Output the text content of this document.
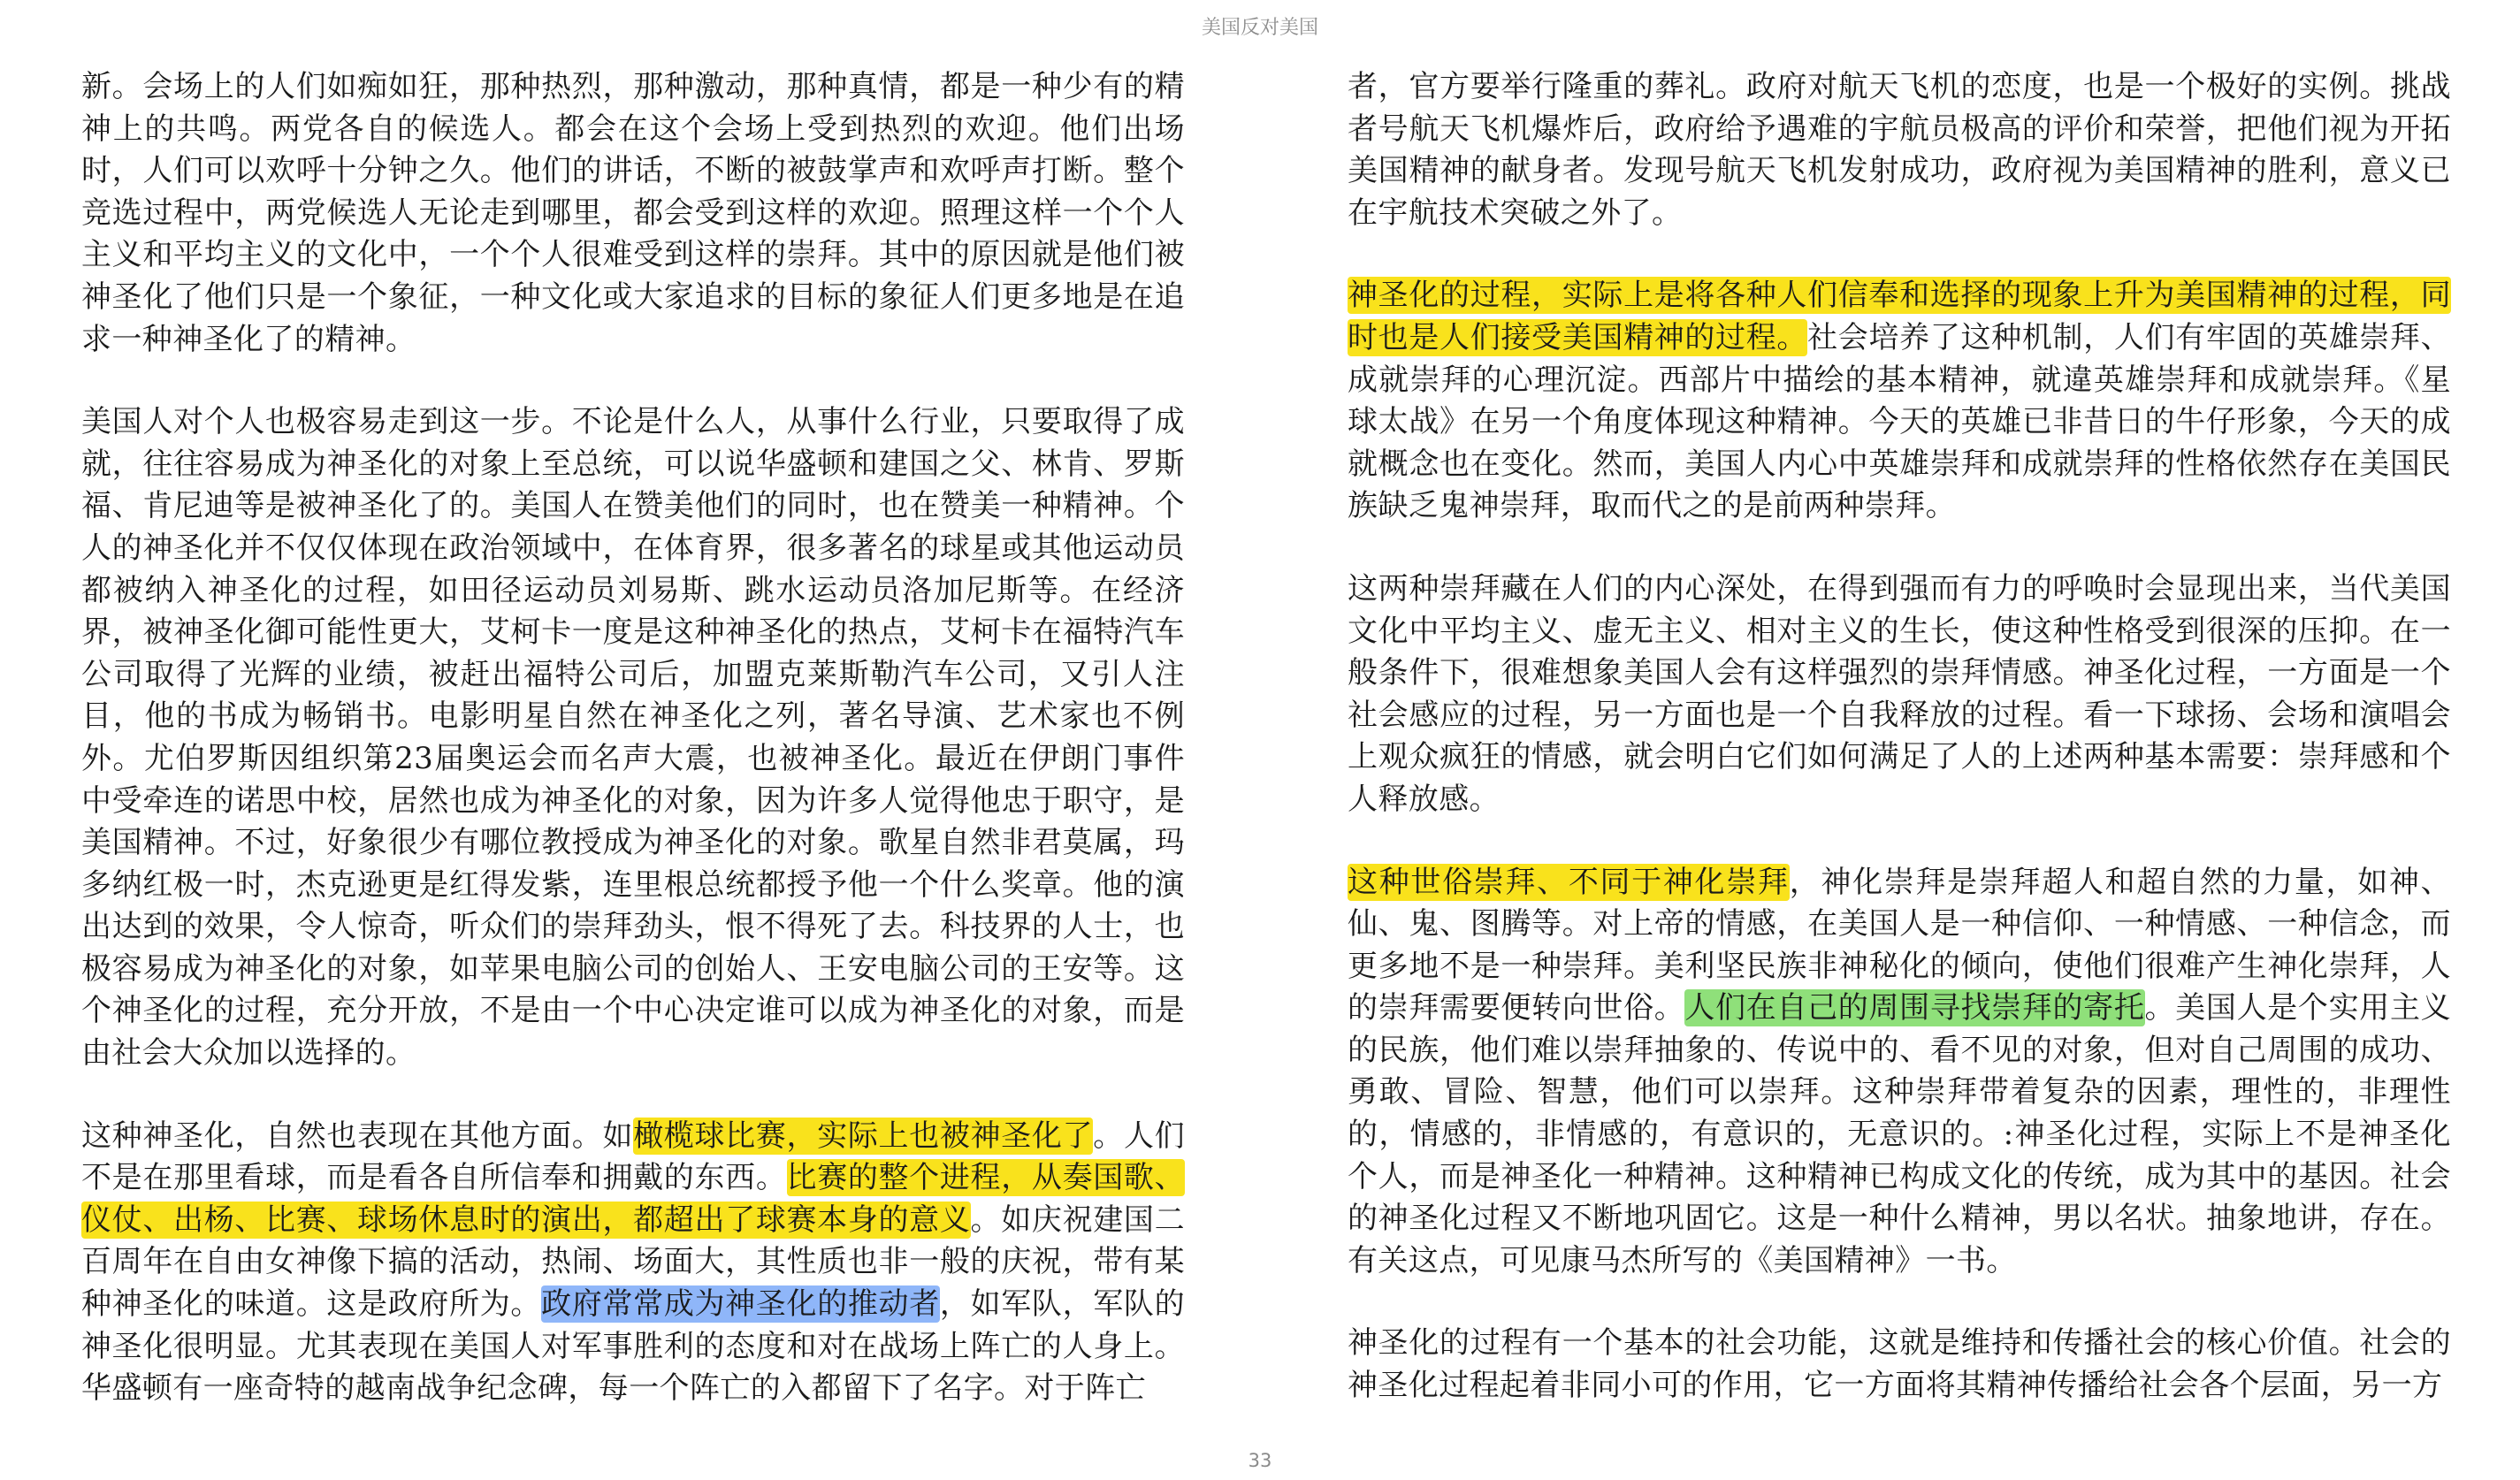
美国反对美国

新。会场上的人们如痴如狂，那种热烈，那种激动，那种真情，都是一种少有的精神上的共鸣。两党各自的候选人。都会在这个会场上受到热烈的欢迎。他们出场时，人们可以欢呼十分钟之久。他们的讲话，不断的被鼓掌声和欢呼声打断。整个竞选过程中，两党候选人无论走到哪里，都会受到这样的欢迎。照理这样一个个人主义和平均主义的文化中，一个个人很难受到这样的崇拜。其中的原因就是他们被神圣化了他们只是一个象征，一种文化或大家追求的目标的象征人们更多地是在追求一种神圣化了的精神。

美国人对个人也极容易走到这一步。不论是什么人，从事什么行业，只要取得了成就，往往容易成为神圣化的对象上至总统，可以说华盛顿和建国之父、林肯、罗斯福、肯尼迪等是被神圣化了的。美国人在赞美他们的同时，也在赞美一种精神。个人的神圣化并不仅仅体现在政治领域中，在体育界，很多著名的球星或其他运动员都被纳入神圣化的过程，如田径运动员刘易斯、跳水运动员洛加尼斯等。在经济界，被神圣化御可能性更大，艾柯卡一度是这种神圣化的热点，艾柯卡在福特汽车公司取得了光辉的业绩，被赶出福特公司后，加盟克莱斯勒汽车公司，又引人注目，他的书成为畅销书。电影明星自然在神圣化之列，著名导演、艺术家也不例外。尤伯罗斯因组织第23届奥运会而名声大震，也被神圣化。最近在伊朗门事件中受牵连的诺思中校，居然也成为神圣化的对象，因为许多人觉得他忠于职守，是美国精神。不过，好象很少有哪位教授成为神圣化的对象。歌星自然非君莫属，玛多纳红极一时，杰克逊更是红得发紫，连里根总统都授予他一个什么奖章。他的演出达到的效果，令人惊奇，听众们的崇拜劲头，恨不得死了去。科技界的人士，也极容易成为神圣化的对象，如苹果电脑公司的创始人、王安电脑公司的王安等。这个神圣化的过程，充分开放，不是由一个中心决定谁可以成为神圣化的对象，而是由社会大众加以选择的。

这种神圣化，自然也表现在其他方面。如橄榄球比赛，实际上也被神圣化了。人们不是在那里看球，而是看各自所信奉和拥戴的东西。比赛的整个进程，从奏国歌、仪仗、出杨、比赛、球场休息时的演出，都超出了球赛本身的意义。如庆祝建国二百周年在自由女神像下搞的活动，热闹、场面大，其性质也非一般的庆祝，带有某种神圣化的味道。这是政府所为。政府常常成为神圣化的推动者，如军队，军队的神圣化很明显。尤其表现在美国人对军事胜利的态度和对在战场上阵亡的人身上。华盛顿有一座奇特的越南战争纪念碑，每一个阵亡的入都留下了名字。对于阵亡

者，官方要举行隆重的葬礼。政府对航天飞机的恋度，也是一个极好的实例。挑战者号航天飞机爆炸后，政府给予遇难的宇航员极高的评价和荣誉，把他们视为开拓美国精神的献身者。发现号航天飞机发射成功，政府视为美国精神的胜利，意义已在宇航技术突破之外了。

神圣化的过程，实际上是将各种人们信奉和选择的现象上升为美国精神的过程，同时也是人们接受美国精神的过程。社会培养了这种机制，人们有牢固的英雄崇拜、成就崇拜的心理沉淀。西部片中描绘的基本精神，就違英雄崇拜和成就崇拜。《星球太战》在另一个角度体现这种精神。今天的英雄已非昔日的牛仔形象，今天的成就概念也在变化。然而，美国人内心中英雄崇拜和成就崇拜的性格依然存在美国民族缺乏鬼神崇拜，取而代之的是前两种崇拜。

这两种崇拜藏在人们的内心深处，在得到强而有力的呼唤时会显现出来，当代美国文化中平均主义、虚无主义、相对主义的生长，使这种性格受到很深的压抑。在一般条件下，很难想象美国人会有这样强烈的崇拜情感。神圣化过程，一方面是一个社会感应的过程，另一方面也是一个自我释放的过程。看一下球扬、会场和演唱会上观众疯狂的情感，就会明白它们如何满足了人的上述两种基本需要：崇拜感和个人释放感。

这种世俗崇拜、不同于神化崇拜，神化崇拜是崇拜超人和超自然的力量，如神、仙、鬼、图腾等。对上帝的情感，在美国人是一种信仰、一种情感、一种信念，而更多地不是一种崇拜。美利坚民族非神秘化的倾向，使他们很难产生神化崇拜，人的崇拜需要便转向世俗。人们在自己的周围寻找崇拜的寄托。美国人是个实用主义的民族，他们难以崇拜抽象的、传说中的、看不见的对象，但对自己周围的成功、勇敢、冒险、智慧，他们可以崇拜。这种崇拜带着复杂的因素，理性的，非理性的，情感的，非情感的，有意识的，无意识的。:神圣化过程，实际上不是神圣化个人，而是神圣化一种精神。这种精神已构成文化的传统，成为其中的基因。社会的神圣化过程又不断地巩固它。这是一种什么精神，男以名状。抽象地讲，存在。有关这点，可见康马杰所写的《美国精神》一书。

神圣化的过程有一个基本的社会功能，这就是维持和传播社会的核心价值。社会的神圣化过程起着非同小可的作用，它一方面将其精神传播给社会各个层面，另一方

33
